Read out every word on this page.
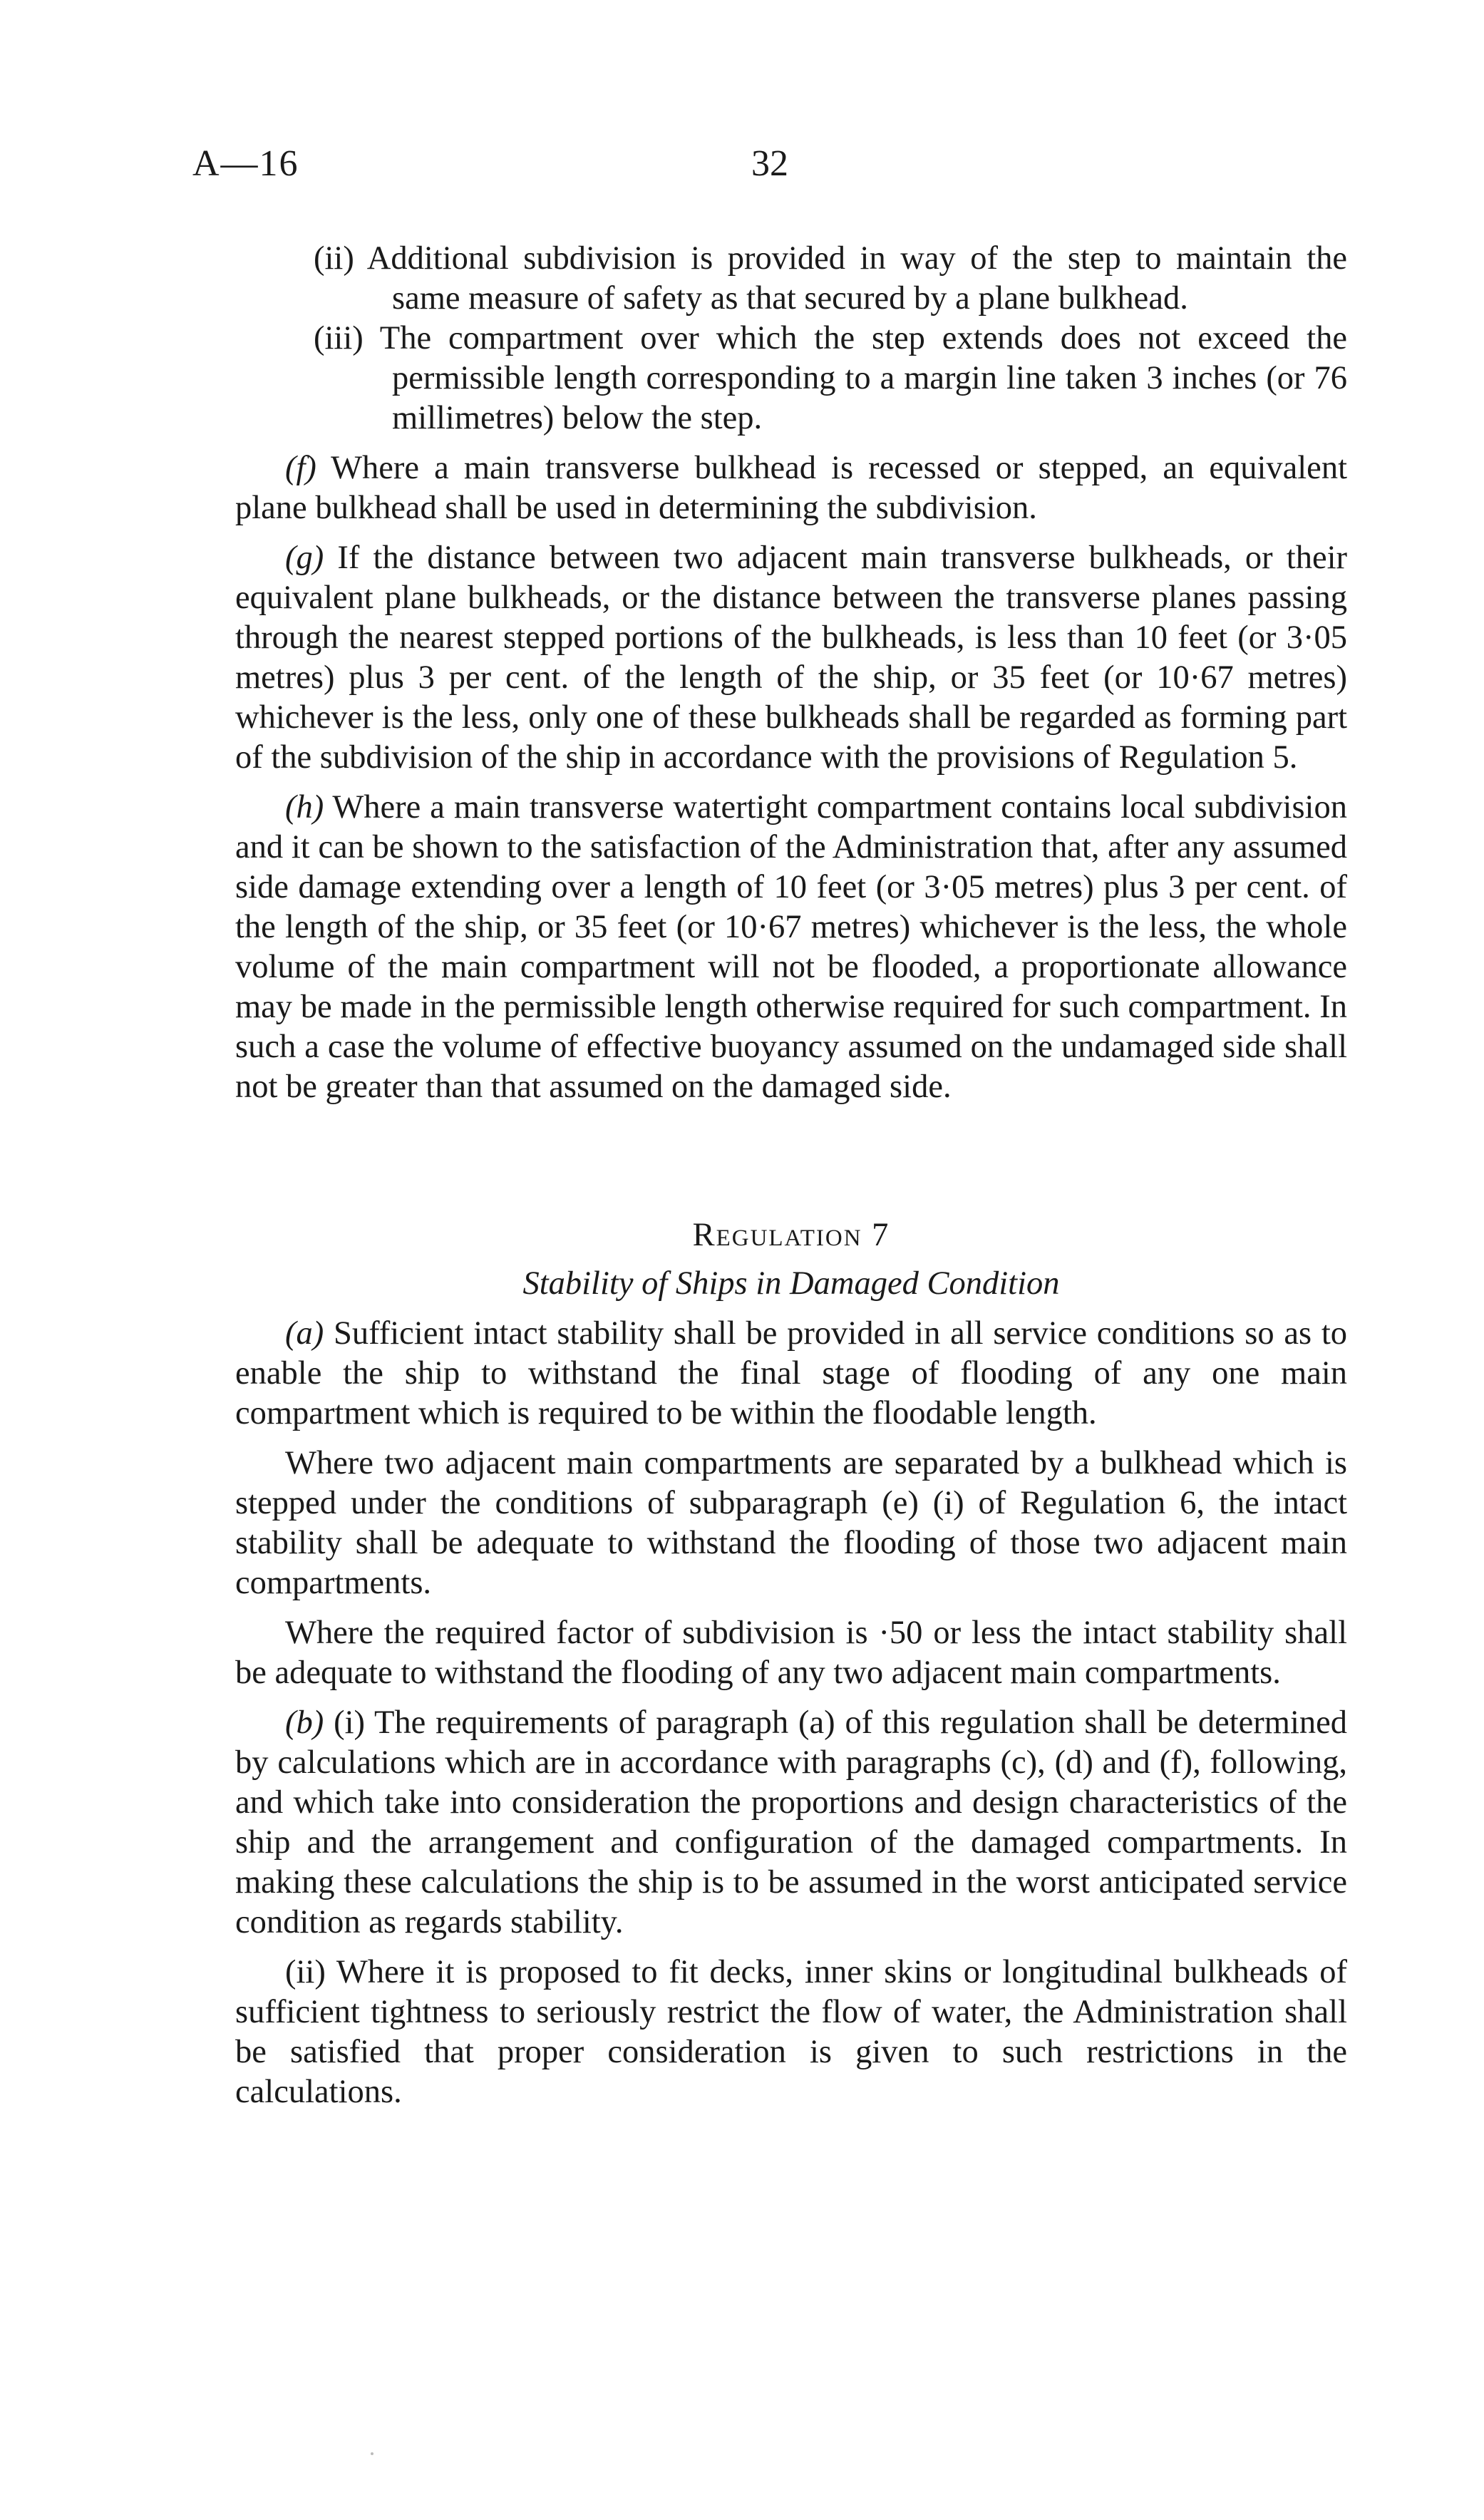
A—16	32

(ii) Additional subdivision is provided in way of the step to maintain the same measure of safety as that secured by a plane bulkhead.

(iii) The compartment over which the step extends does not exceed the permissible length corresponding to a margin line taken 3 inches (or 76 millimetres) below the step.

(f) Where a main transverse bulkhead is recessed or stepped, an equivalent plane bulkhead shall be used in determining the subdivision.

(g) If the distance between two adjacent main transverse bulkheads, or their equivalent plane bulkheads, or the distance between the transverse planes passing through the nearest stepped portions of the bulkheads, is less than 10 feet (or 3·05 metres) plus 3 per cent. of the length of the ship, or 35 feet (or 10·67 metres) whichever is the less, only one of these bulkheads shall be regarded as forming part of the subdivision of the ship in accordance with the provisions of Regulation 5.

(h) Where a main transverse watertight compartment contains local subdivision and it can be shown to the satisfaction of the Administration that, after any assumed side damage extending over a length of 10 feet (or 3·05 metres) plus 3 per cent. of the length of the ship, or 35 feet (or 10·67 metres) whichever is the less, the whole volume of the main compartment will not be flooded, a proportionate allowance may be made in the permissible length otherwise required for such compartment. In such a case the volume of effective buoyancy assumed on the undamaged side shall not be greater than that assumed on the damaged side.

Regulation 7

Stability of Ships in Damaged Condition

(a) Sufficient intact stability shall be provided in all service conditions so as to enable the ship to withstand the final stage of flooding of any one main compartment which is required to be within the floodable length.

Where two adjacent main compartments are separated by a bulkhead which is stepped under the conditions of subparagraph (e) (i) of Regulation 6, the intact stability shall be adequate to withstand the flooding of those two adjacent main compartments.

Where the required factor of subdivision is ·50 or less the intact stability shall be adequate to withstand the flooding of any two adjacent main compartments.

(b) (i) The requirements of paragraph (a) of this regulation shall be determined by calculations which are in accordance with paragraphs (c), (d) and (f), following, and which take into consideration the proportions and design characteristics of the ship and the arrangement and configuration of the damaged compartments. In making these calculations the ship is to be assumed in the worst anticipated service condition as regards stability.

(ii) Where it is proposed to fit decks, inner skins or longitudinal bulkheads of sufficient tightness to seriously restrict the flow of water, the Administration shall be satisfied that proper consideration is given to such restrictions in the calculations.
